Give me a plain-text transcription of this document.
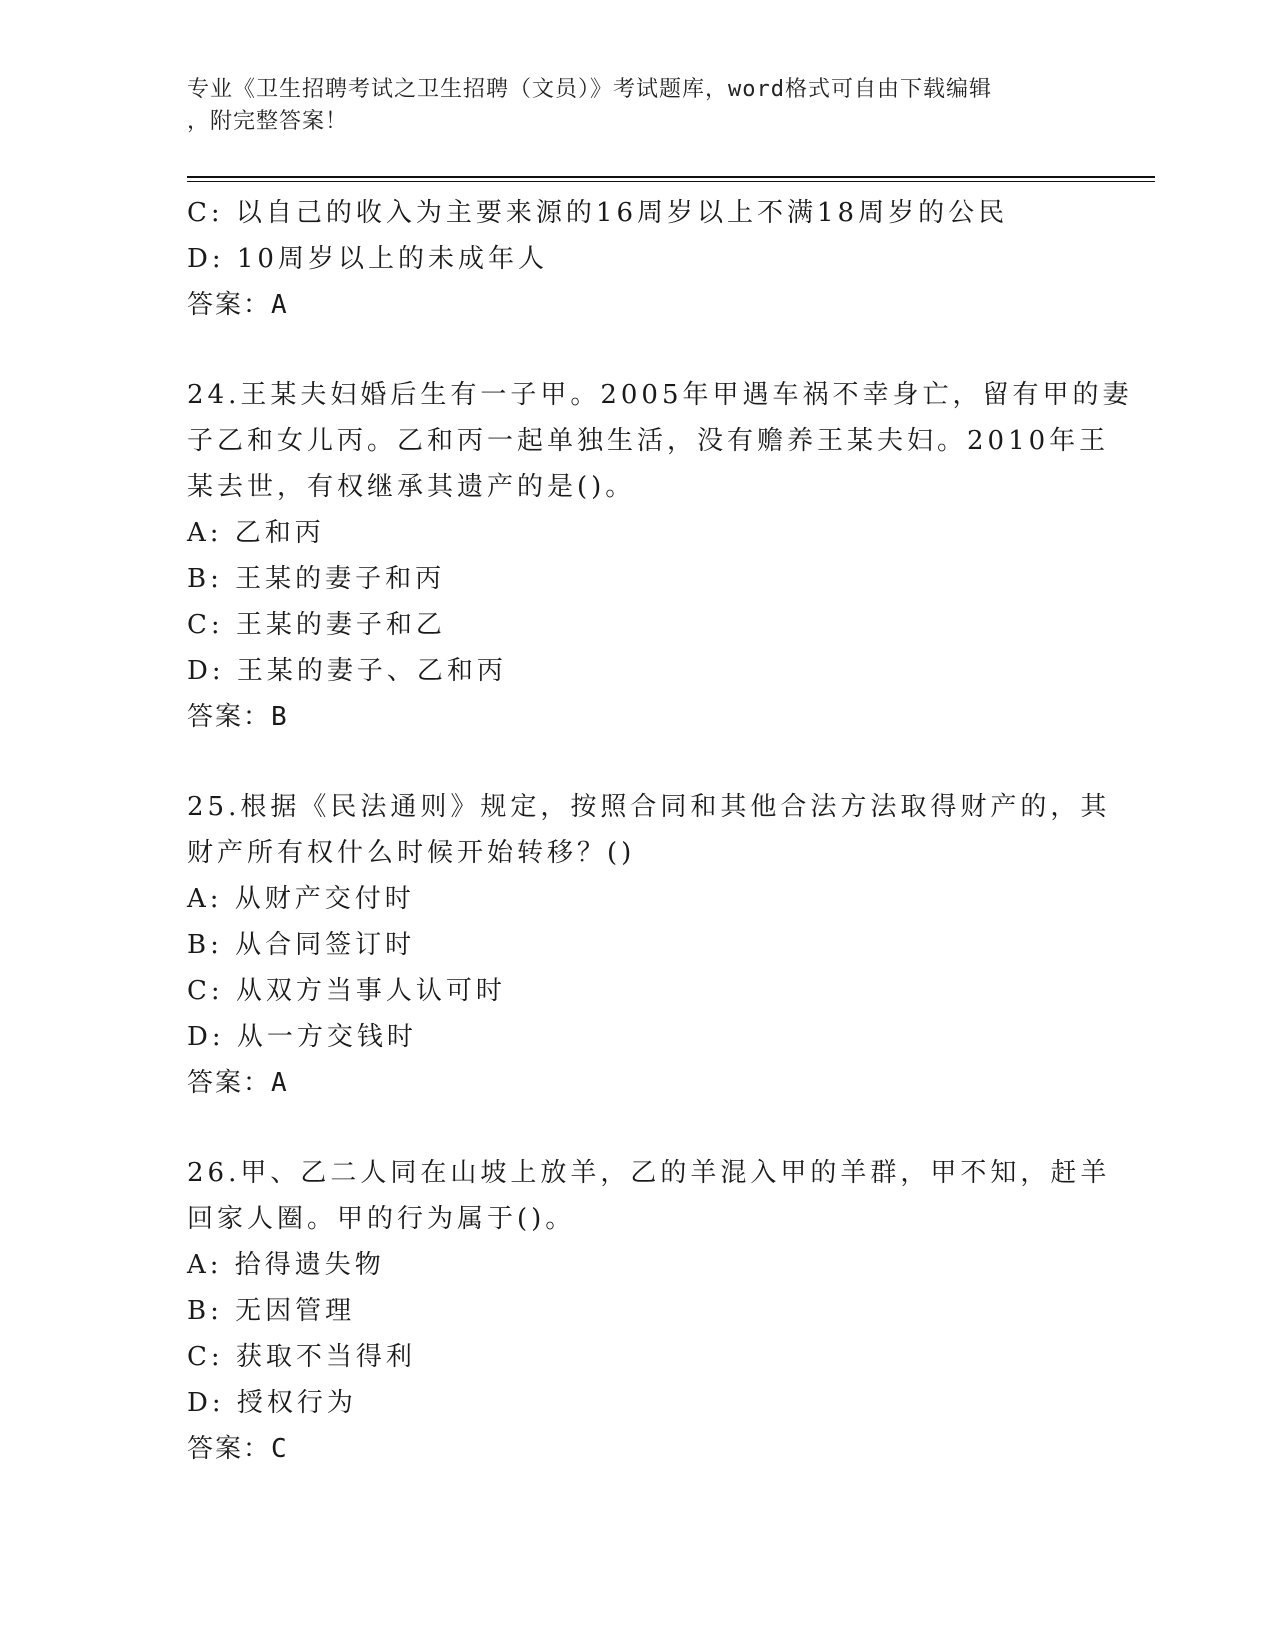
专业《卫生招聘考试之卫生招聘（文员）》考试题库，word格式可自由下载编辑
，附完整答案！
C: 以自己的收入为主要来源的16周岁以上不满18周岁的公民
D: 10周岁以上的未成年人
答案：A
24.王某夫妇婚后生有一子甲。2005年甲遇车祸不幸身亡，留有甲的妻
子乙和女儿丙。乙和丙一起单独生活，没有赡养王某夫妇。2010年王
某去世，有权继承其遗产的是()。
A: 乙和丙
B: 王某的妻子和丙
C: 王某的妻子和乙
D: 王某的妻子、乙和丙
答案：B
25.根据《民法通则》规定，按照合同和其他合法方法取得财产的，其
财产所有权什么时候开始转移？()
A: 从财产交付时
B: 从合同签订时
C: 从双方当事人认可时
D: 从一方交钱时
答案：A
26.甲、乙二人同在山坡上放羊，乙的羊混入甲的羊群，甲不知，赶羊
回家人圈。甲的行为属于()。
A: 拾得遗失物
B: 无因管理
C: 获取不当得利
D: 授权行为
答案：C
